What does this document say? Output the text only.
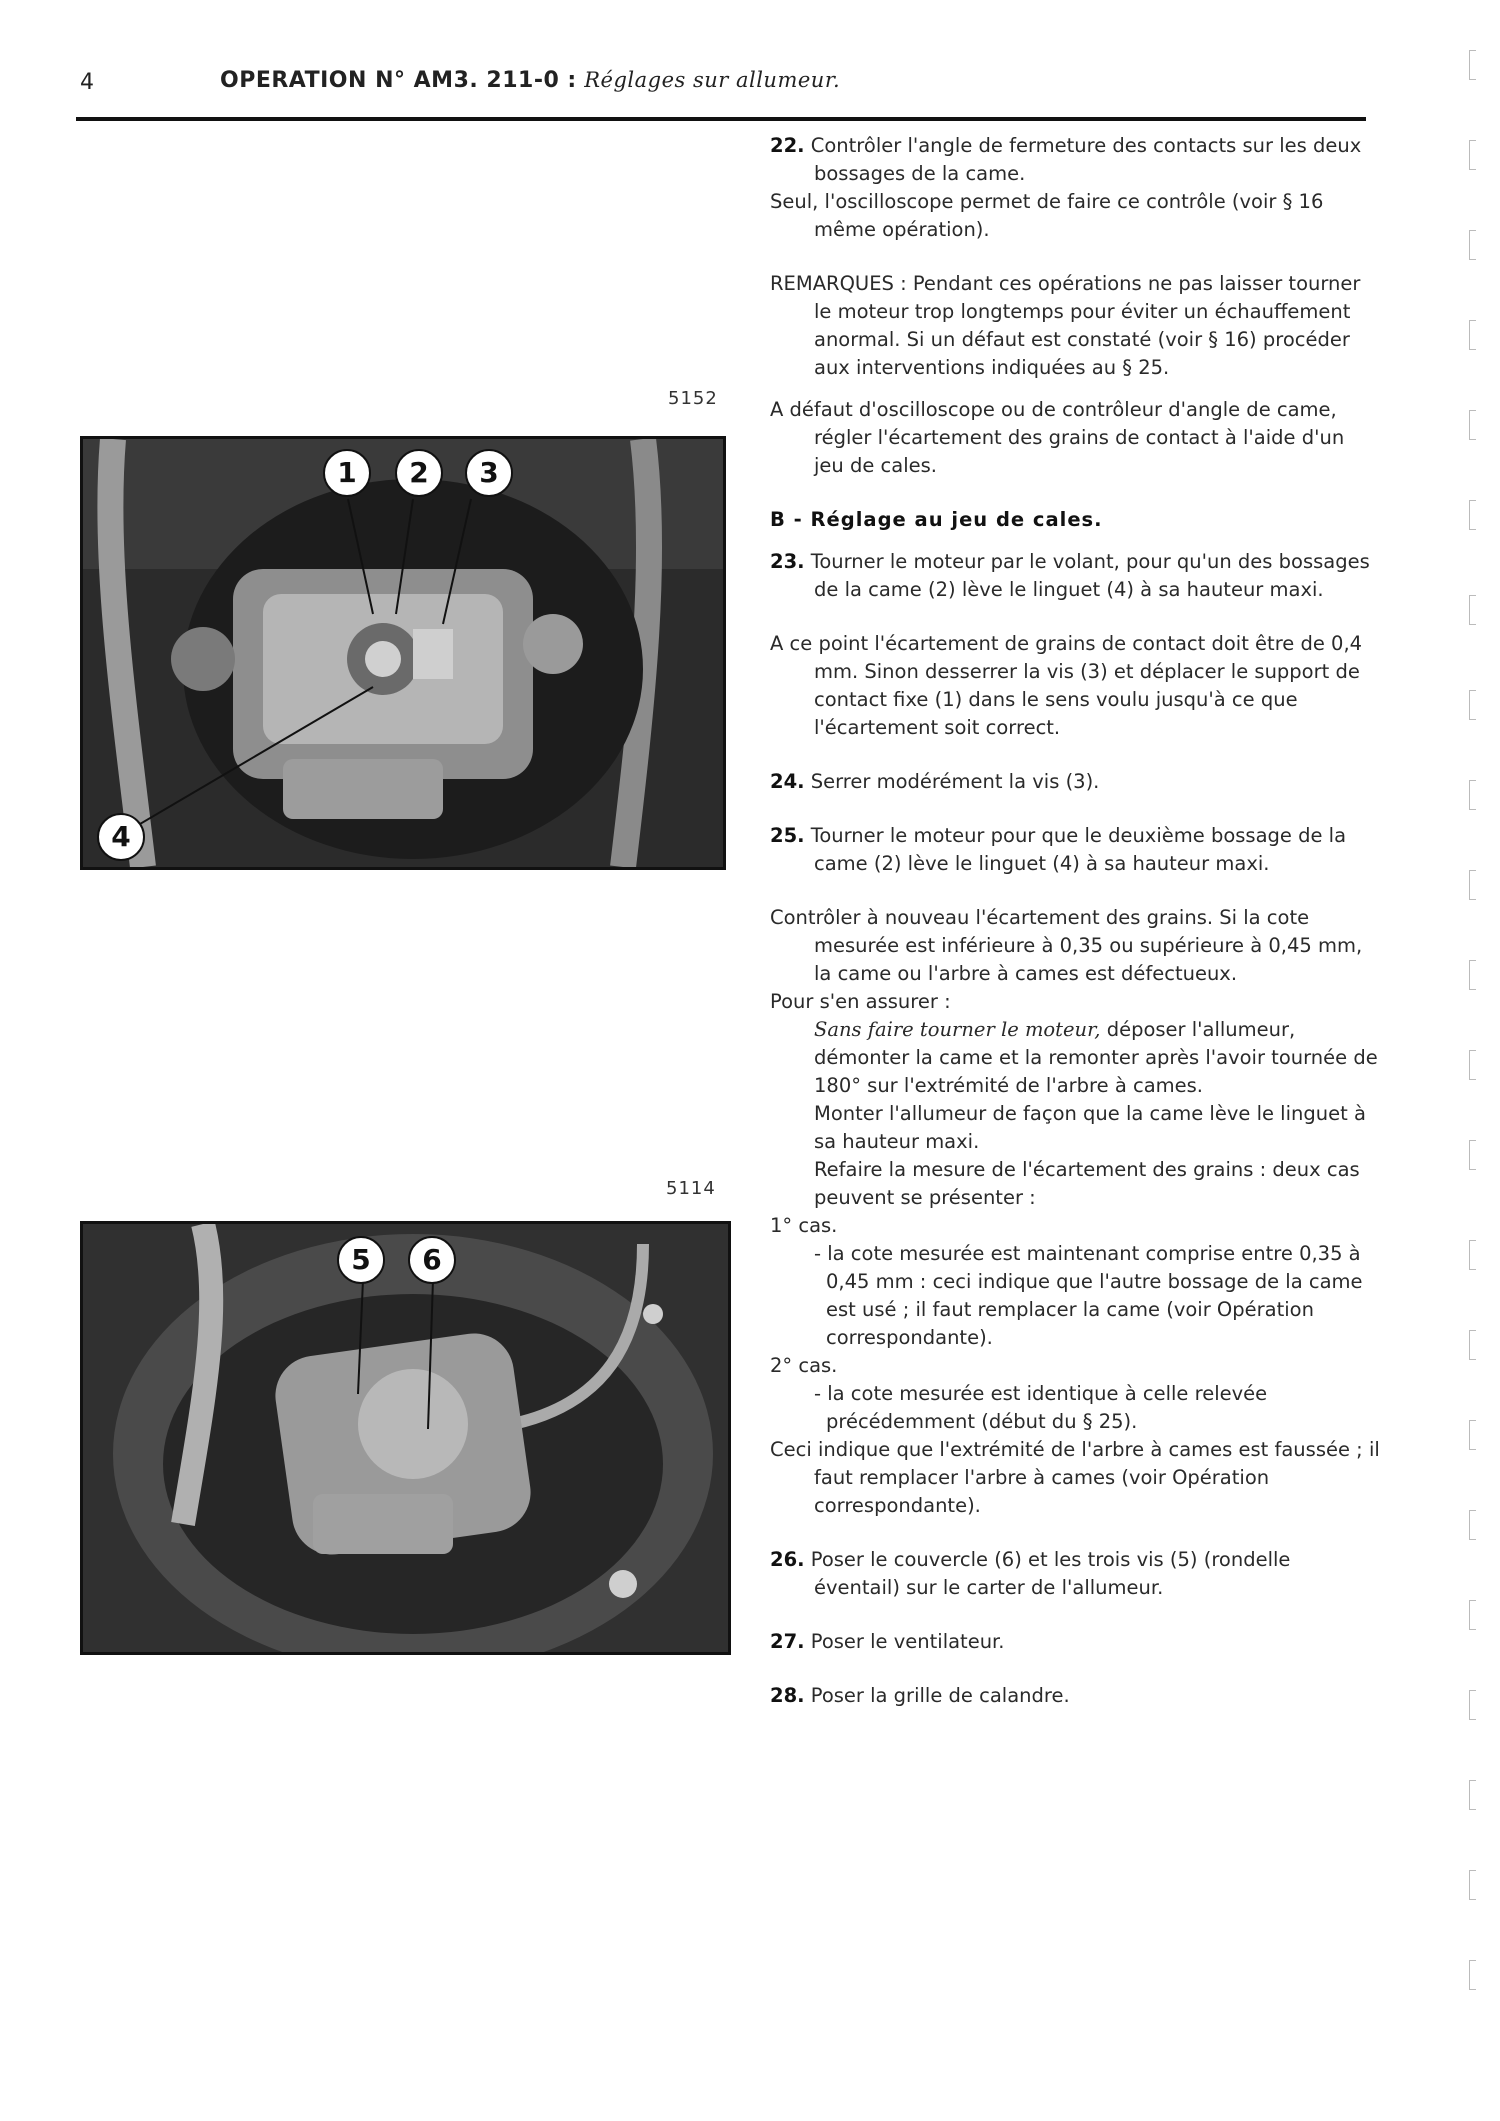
4	OPERATION N° AM3. 211-0 : Réglages sur allumeur.
5152
1	2	3
4
5114
5	6
22. Contrôler l'angle de fermeture des contacts sur les deux bossages de la came.
Seul, l'oscilloscope permet de faire ce contrôle (voir § 16 même opération).
REMARQUES : Pendant ces opérations ne pas laisser tourner le moteur trop longtemps pour éviter un échauffement anormal. Si un défaut est constaté (voir § 16) procéder aux interventions indiquées au § 25.
A défaut d'oscilloscope ou de contrôleur d'angle de came, régler l'écartement des grains de contact à l'aide d'un jeu de cales.
B - Réglage au jeu de cales.
23. Tourner le moteur par le volant, pour qu'un des bossages de la came (2) lève le linguet (4) à sa hauteur maxi.
A ce point l'écartement de grains de contact doit être de 0,4 mm. Sinon desserrer la vis (3) et déplacer le support de contact fixe (1) dans le sens voulu jusqu'à ce que l'écartement soit correct.
24. Serrer modérément la vis (3).
25. Tourner le moteur pour que le deuxième bossage de la came (2) lève le linguet (4) à sa hauteur maxi.
Contrôler à nouveau l'écartement des grains. Si la cote mesurée est inférieure à 0,35 ou supérieure à 0,45 mm, la came ou l'arbre à cames est défectueux.
Pour s'en assurer :
Sans faire tourner le moteur, déposer l'allumeur, démonter la came et la remonter après l'avoir tournée de 180° sur l'extrémité de l'arbre à cames.
Monter l'allumeur de façon que la came lève le linguet à sa hauteur maxi.
Refaire la mesure de l'écartement des grains : deux cas peuvent se présenter :
1° cas.
- la cote mesurée est maintenant comprise entre 0,35 à 0,45 mm : ceci indique que l'autre bossage de la came est usé ; il faut remplacer la came (voir Opération correspondante).
2° cas.
- la cote mesurée est identique à celle relevée précédemment (début du § 25).
Ceci indique que l'extrémité de l'arbre à cames est faussée ; il faut remplacer l'arbre à cames (voir Opération correspondante).
26. Poser le couvercle (6) et les trois vis (5) (rondelle éventail) sur le carter de l'allumeur.
27. Poser le ventilateur.
28. Poser la grille de calandre.
